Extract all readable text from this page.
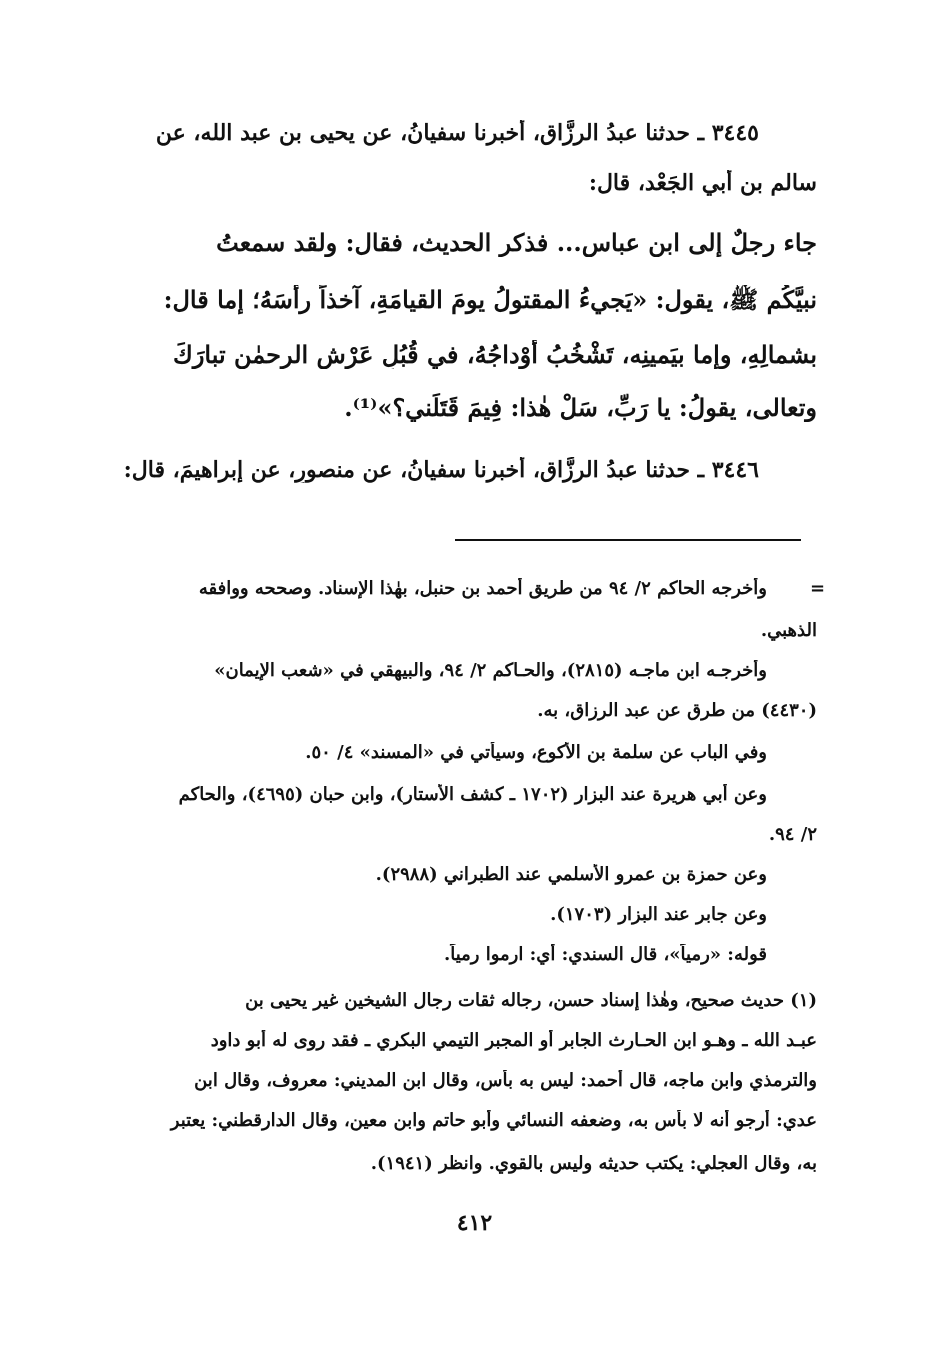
٣٤٤٥ ـ حدثنا عبدُ الرزَّاق، أخبرنا سفيانُ، عن يحيى بن عبد الله، عن
سالم بن أبي الجَعْد، قال:
جاء رجلٌ إلى ابن عباس... فذكر الحديث، فقال: ولقد سمعتُ
نبيَّكُم ﷺ، يقول: «يَجيءُ المقتولُ يومَ القيامَةِ، آخذاً رأسَهُ؛ إما قال:
بشمالِهِ، وإما بيَمينِه، تَشْخُبُ أوْداجُهُ، في قُبُلِ عَرْشِ الرحمٰن تبارَكَ
وتعالى، يقولُ: يا رَبِّ، سَلْ هٰذا: فِيمَ قَتَلَني؟»⁽¹⁾.
٣٤٤٦ ـ حدثنا عبدُ الرزَّاق، أخبرنا سفيانُ، عن منصورٍ، عن إبراهيمَ، قال:
=
وأخرجه الحاكم ٢/ ٩٤ من طريق أحمد بن حنبل، بهٰذا الإسناد. وصححه ووافقه
الذهبي.
وأخرجـه ابن ماجـه (٢٨١٥)، والحـاكم ٢/ ٩٤، والبيهقي في «شعب الإيمان»
(٤٤٣٠) من طرق عن عبد الرزاق، به.
وفي الباب عن سلمة بن الأكوع، وسيأتي في «المسند» ٤/ ٥٠.
وعن أبي هريرة عند البزار (١٧٠٢ ـ كشف الأستار)، وابن حبان (٤٦٩٥)، والحاكم
٢/ ٩٤.
وعن حمزة بن عمرو الأسلمي عند الطبراني (٢٩٨٨).
وعن جابر عند البزار (١٧٠٣).
قوله: «رمياً»، قال السندي: أي: ارموا رمياً.
(١) حديث صحيح، وهٰذا إسناد حسن، رجاله ثقات رجال الشيخين غير يحيى بن
عبـد الله ـ وهـو ابن الحـارث الجابر أو المجبر التيمي البكري ـ فقد روى له أبو داود
والترمذي وابن ماجه، قال أحمد: ليس به بأس، وقال ابن المديني: معروف، وقال ابن
عدي: أرجو أنه لا بأس به، وضعفه النسائي وأبو حاتم وابن معين، وقال الدارقطني: يعتبر
به، وقال العجلي: يكتب حديثه وليس بالقوي. وانظر (١٩٤١).
٤١٢
